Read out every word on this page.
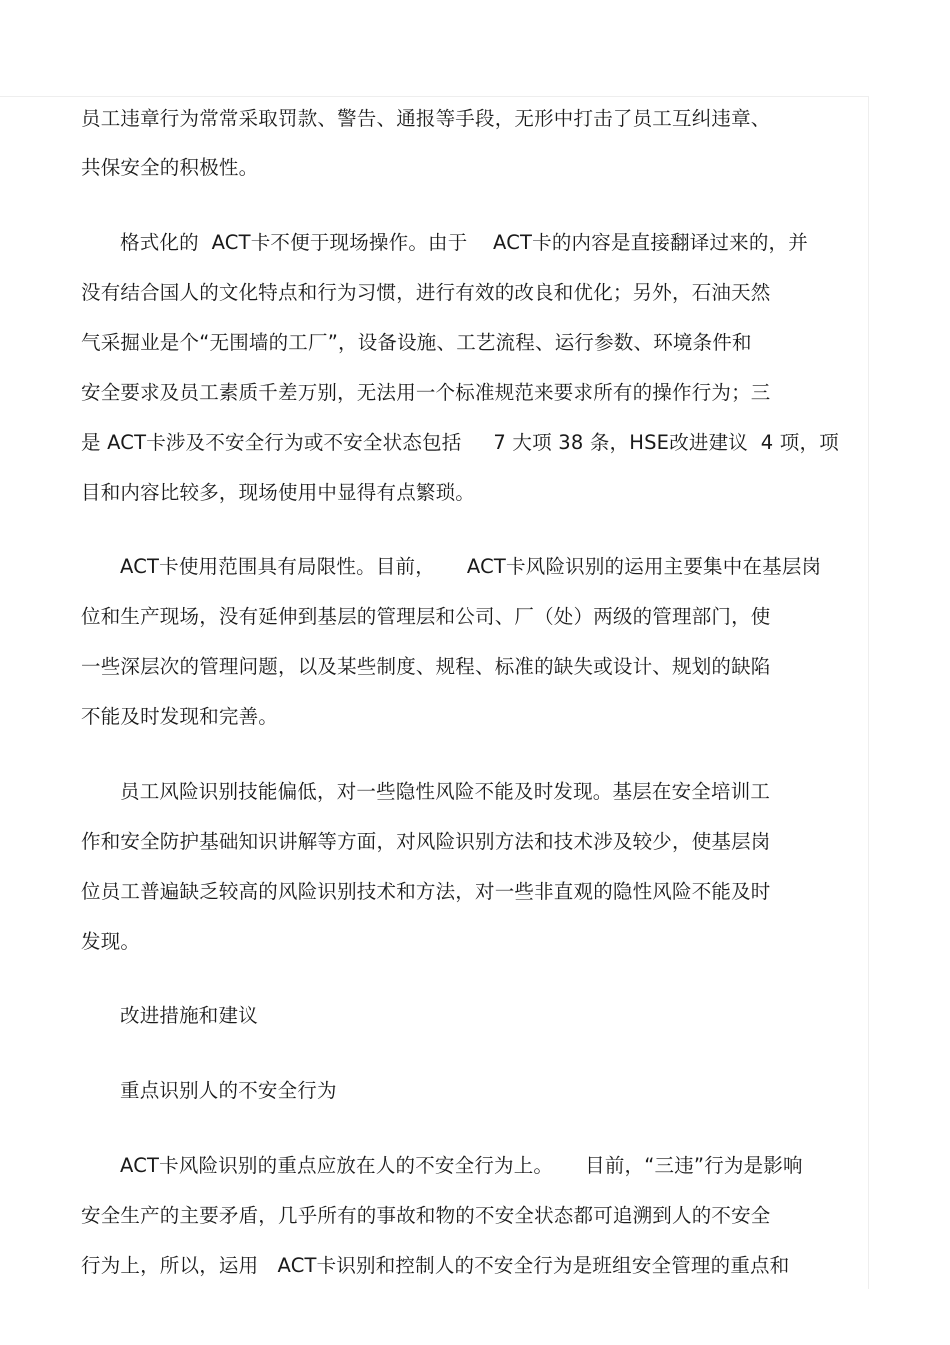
员工违章行为常常采取罚款、警告、通报等手段，无形中打击了员工互纠违章、
共保安全的积极性。
格式化的  ACT卡不便于现场操作。由于    ACT卡的内容是直接翻译过来的，并
没有结合国人的文化特点和行为习惯，进行有效的改良和优化；另外，石油天然
气采掘业是个“无围墙的工厂”，设备设施、工艺流程、运行参数、环境条件和
安全要求及员工素质千差万别，无法用一个标准规范来要求所有的操作行为；三
是 ACT卡涉及不安全行为或不安全状态包括     7 大项 38 条，HSE改进建议  4 项，项
目和内容比较多，现场使用中显得有点繁琐。
ACT卡使用范围具有局限性。目前，     ACT卡风险识别的运用主要集中在基层岗
位和生产现场，没有延伸到基层的管理层和公司、厂（处）两级的管理部门，使
一些深层次的管理问题，以及某些制度、规程、标准的缺失或设计、规划的缺陷
不能及时发现和完善。
员工风险识别技能偏低，对一些隐性风险不能及时发现。基层在安全培训工
作和安全防护基础知识讲解等方面，对风险识别方法和技术涉及较少，使基层岗
位员工普遍缺乏较高的风险识别技术和方法，对一些非直观的隐性风险不能及时
发现。
改进措施和建议
重点识别人的不安全行为
ACT卡风险识别的重点应放在人的不安全行为上。     目前，“三违”行为是影响
安全生产的主要矛盾，几乎所有的事故和物的不安全状态都可追溯到人的不安全
行为上，所以，运用   ACT卡识别和控制人的不安全行为是班组安全管理的重点和
